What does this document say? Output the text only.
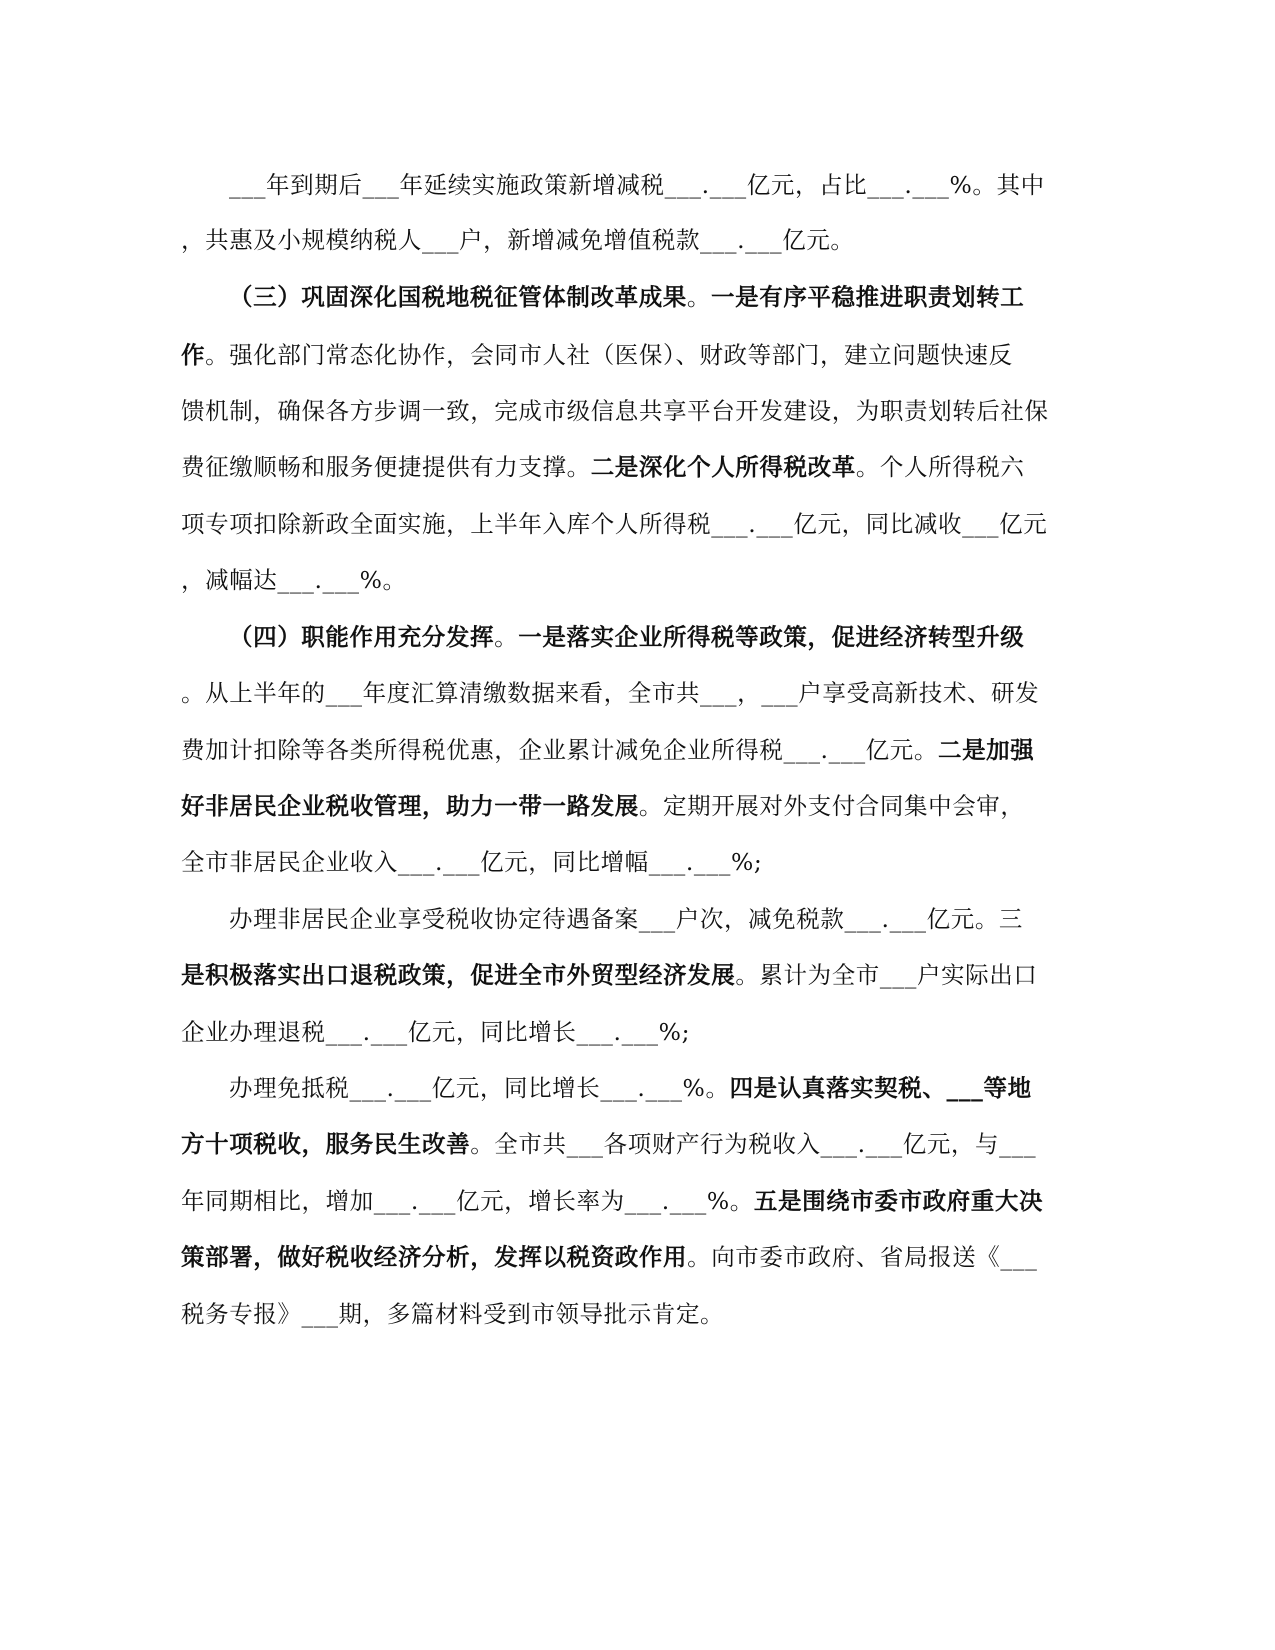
___年到期后___年延续实施政策新增减税___.___亿元，占比___.___%。其中
，共惠及小规模纳税人___户，新增减免增值税款___.___亿元。
（三）巩固深化国税地税征管体制改革成果。一是有序平稳推进职责划转工
作。强化部门常态化协作，会同市人社（医保）、财政等部门，建立问题快速反
馈机制，确保各方步调一致，完成市级信息共享平台开发建设，为职责划转后社保
费征缴顺畅和服务便捷提供有力支撑。二是深化个人所得税改革。个人所得税六
项专项扣除新政全面实施，上半年入库个人所得税___.___亿元，同比减收___亿元
，减幅达___.___%。
（四）职能作用充分发挥。一是落实企业所得税等政策，促进经济转型升级
。从上半年的___年度汇算清缴数据来看，全市共___，___户享受高新技术、研发
费加计扣除等各类所得税优惠，企业累计减免企业所得税___.___亿元。二是加强
好非居民企业税收管理，助力一带一路发展。定期开展对外支付合同集中会审，
全市非居民企业收入___.___亿元，同比增幅___.___%;
办理非居民企业享受税收协定待遇备案___户次，减免税款___.___亿元。三
是积极落实出口退税政策，促进全市外贸型经济发展。累计为全市___户实际出口
企业办理退税___.___亿元，同比增长___.___%;
办理免抵税___.___亿元，同比增长___.___%。四是认真落实契税、___等地
方十项税收，服务民生改善。全市共___各项财产行为税收入___.___亿元，与___
年同期相比，增加___.___亿元，增长率为___.___%。五是围绕市委市政府重大决
策部署，做好税收经济分析，发挥以税资政作用。向市委市政府、省局报送《___
税务专报》___期，多篇材料受到市领导批示肯定。
